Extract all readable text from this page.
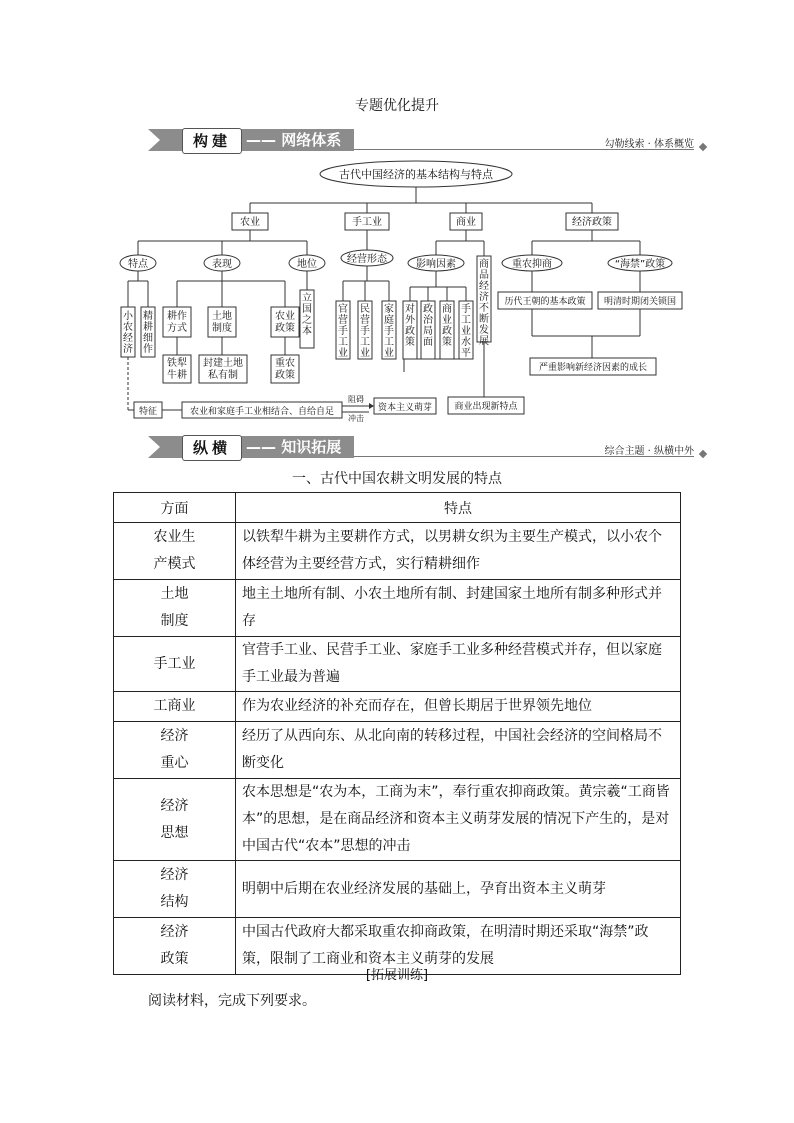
专题优化提升
构建	—— 网络体系	勾勒线索 · 体系概览
古代中国经济的基本结构与特点
农业	手工业	商业	经济政策
特点	表现	地位	经营形态	影响因素	重农抑商	“海禁”政策
小农经济
精耕细作
耕作方式
土地制度
农业政策
铁犁牛耕
封建土地私有制
重农政策
立国之本
官营手工业
民营手工业
家庭手工业
对外政策
政治局面
商业政策
手工业水平
商品经济不断发展
历代王朝的基本政策 明清时期闭关锁国
严重影响新经济因素的成长
特征	农业和家庭手工业相结合、自给自足
阻碍
冲击
资本主义萌芽 商业出现新特点
纵横	—— 知识拓展	综合主题 · 纵横中外
一、古代中国农耕文明发展的特点
方面	特点

农业生
产模式	以铁犁牛耕为主要耕作方式，以男耕女织为主要生产模式，以小农个体经营为主要经营方式，实行精耕细作

土地
制度	地主土地所有制、小农土地所有制、封建国家土地所有制多种形式并存

手工业	官营手工业、民营手工业、家庭手工业多种经营模式并存，但以家庭手工业最为普遍

工商业	作为农业经济的补充而存在，但曾长期居于世界领先地位

经济
重心	经历了从西向东、从北向南的转移过程，中国社会经济的空间格局不断变化

经济
思想	农本思想是“农为本，工商为末”，奉行重农抑商政策。黄宗羲“工商皆本”的思想，是在商品经济和资本主义萌芽发展的情况下产生的，是对中国古代“农本”思想的冲击

经济
结构	明朝中后期在农业经济发展的基础上，孕育出资本主义萌芽

经济
政策	中国古代政府大都采取重农抑商政策，在明清时期还采取“海禁”政策，限制了工商业和资本主义萌芽的发展
[拓展训练]
阅读材料，完成下列要求。
